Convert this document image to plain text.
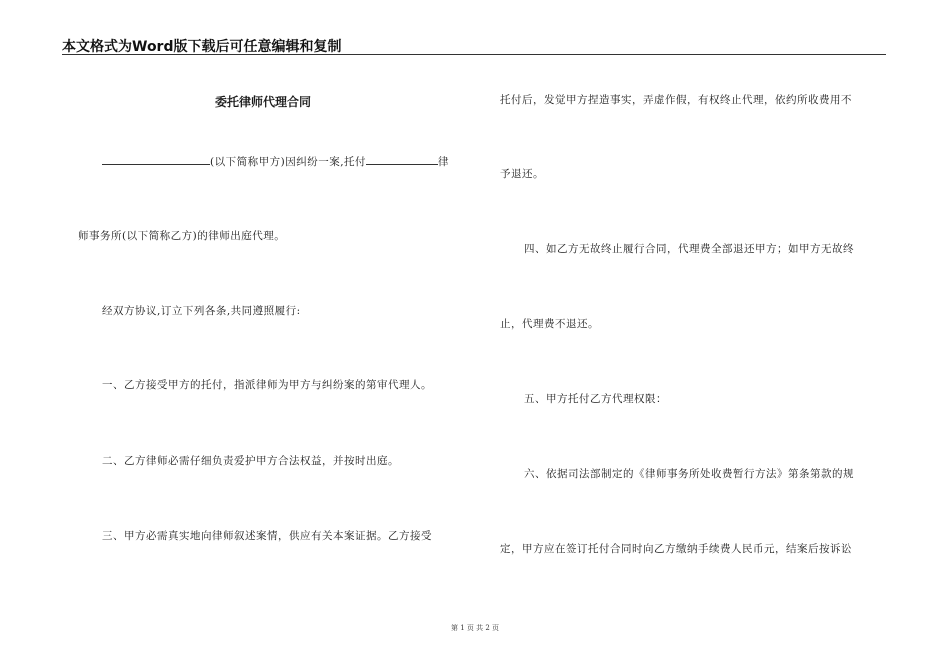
本文格式为Word版下载后可任意编辑和复制
委托律师代理合同
(以下简称甲方)因纠纷一案,托付	律
师事务所(以下简称乙方)的律师出庭代理。
经双方协议,订立下列各条,共同遵照履行:
一、乙方接受甲方的托付，指派律师为甲方与纠纷案的第审代理人。
二、乙方律师必需仔细负责爱护甲方合法权益，并按时出庭。
三、甲方必需真实地向律师叙述案情，供应有关本案证据。乙方接受
托付后，发觉甲方捏造事实，弄虚作假，有权终止代理，依约所收费用不
予退还。
四、如乙方无故终止履行合同，代理费全部退还甲方；如甲方无故终
止，代理费不退还。
五、甲方托付乙方代理权限：
六、依据司法部制定的《律师事务所处收费暂行方法》第条第款的规
定，甲方应在签订托付合同时向乙方缴纳手续费人民币元，结案后按诉讼
第 1 页 共 2 页
